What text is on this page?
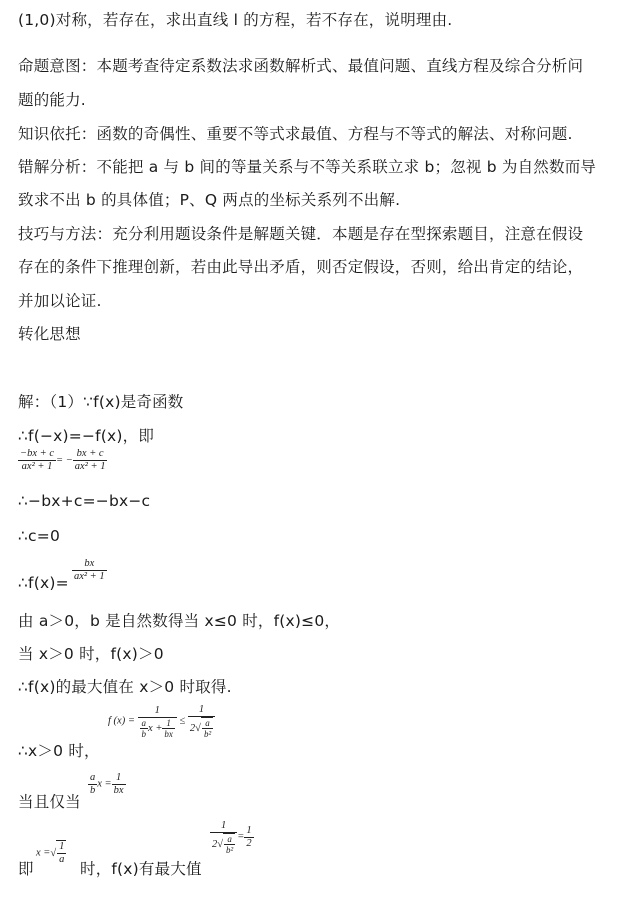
(1,0)对称，若存在，求出直线 l 的方程，若不存在，说明理由.
命题意图：本题考查待定系数法求函数解析式、最值问题、直线方程及综合分析问
题的能力.
知识依托：函数的奇偶性、重要不等式求最值、方程与不等式的解法、对称问题.
错解分析：不能把 a 与 b 间的等量关系与不等关系联立求 b；忽视 b 为自然数而导
致求不出 b 的具体值；P、Q 两点的坐标关系列不出解.
技巧与方法：充分利用题设条件是解题关键．本题是存在型探索题目，注意在假设
存在的条件下推理创新，若由此导出矛盾，则否定假设，否则，给出肯定的结论，
并加以论证.
转化思想
解：（1）∵f(x)是奇函数
∴f(−x)=−f(x)，即
$\frac{-bx + c}{\text{ax² + 1}}$ = − $\frac{bx + c}{\text{ax² + 1}}$
∴−bx+c=−bx−c
∴c=0
∴f(x)= $\frac{bx}{\text{ax² + 1}}$
由 a＞0，b 是自然数得当 x≤0 时，f(x)≤0，
当 x＞0 时，f(x)＞0
∴f(x)的最大值在 x＞0 时取得.
f $(x) = \frac{1}{\frac{a}{b} x + \frac{1}{bx}} \le \frac{1}{2√ \frac{a}{\text{b²}}}$
∴x＞0 时，
当且仅当
$\frac{a}{b}$ $x = \frac{1}{bx}$
即
x =√ $\frac{1}{a}$
时，f(x)有最大值
$\frac{1}{2√ \frac{a}{\text{b²}}} = \frac{1}{2}$
